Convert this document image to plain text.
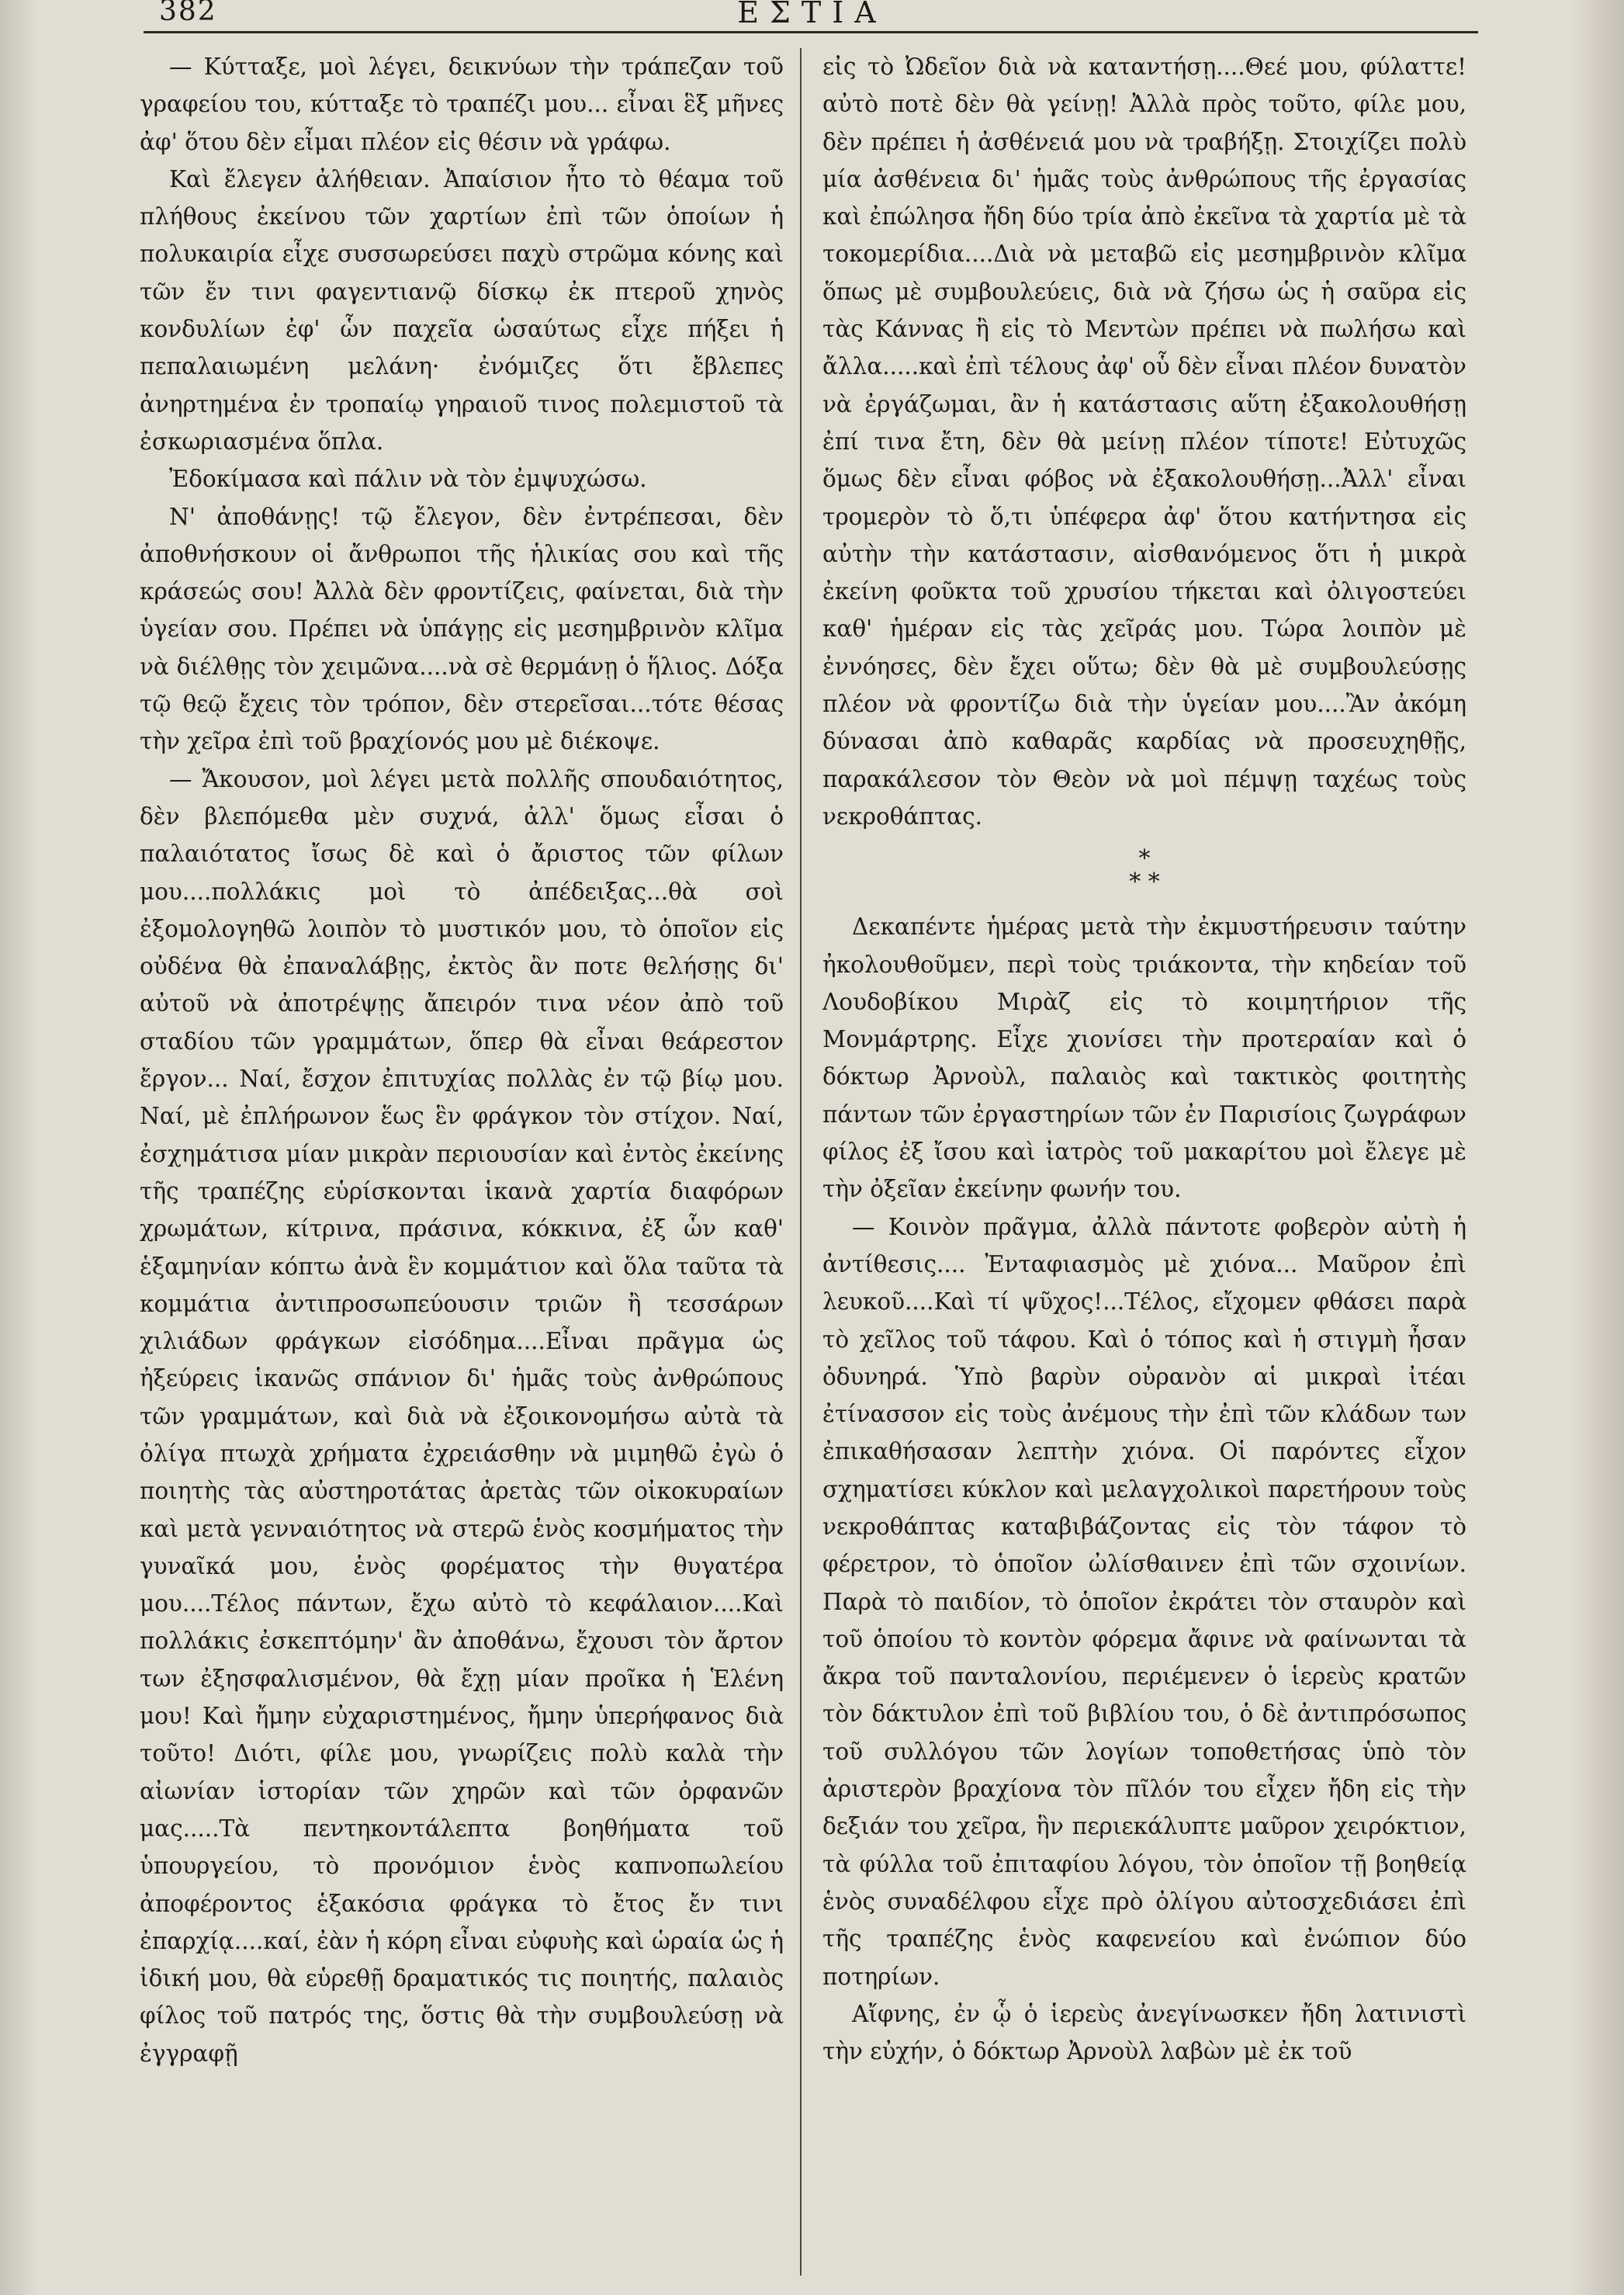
382	ΕΣΤΙΑ

— Κύτταξε, μοὶ λέγει, δεικνύων τὴν τράπεζαν τοῦ γραφείου του, κύτταξε τὸ τραπέζι μου... εἶναι ἓξ μῆνες ἀφ' ὅτου δὲν εἶμαι πλέον εἰς θέσιν νὰ γράφω.

Καὶ ἔλεγεν ἀλήθειαν. Ἀπαίσιον ἦτο τὸ θέαμα τοῦ πλήθους ἐκείνου τῶν χαρτίων ἐπὶ τῶν ὁποίων ἡ πολυκαιρία εἶχε συσσωρεύσει παχὺ στρῶμα κόνης καὶ τῶν ἔν τινι φαγεντιανῷ δίσκῳ ἐκ πτεροῦ χηνὸς κονδυλίων ἐφ' ὧν παχεῖα ὡσαύτως εἶχε πήξει ἡ πεπαλαιωμένη μελάνη· ἐνόμιζες ὅτι ἔβλεπες ἀνηρτημένα ἐν τροπαίῳ γηραιοῦ τινος πολεμιστοῦ τὰ ἐσκωριασμένα ὅπλα.

Ἐδοκίμασα καὶ πάλιν νὰ τὸν ἐμψυχώσω.

Ν' ἀποθάνῃς! τῷ ἔλεγον, δὲν ἐντρέπεσαι, δὲν ἀποθνήσκουν οἱ ἄνθρωποι τῆς ἡλικίας σου καὶ τῆς κράσεώς σου! Ἀλλὰ δὲν φροντίζεις, φαίνεται, διὰ τὴν ὑγείαν σου. Πρέπει νὰ ὑπάγῃς εἰς μεσημβρινὸν κλῖμα νὰ διέλθῃς τὸν χειμῶνα....νὰ σὲ θερμάνῃ ὁ ἥλιος. Δόξα τῷ θεῷ ἔχεις τὸν τρόπον, δὲν στερεῖσαι...τότε θέσας τὴν χεῖρα ἐπὶ τοῦ βραχίονός μου μὲ διέκοψε.

— Ἄκουσον, μοὶ λέγει μετὰ πολλῆς σπουδαιότητος, δὲν βλεπόμεθα μὲν συχνά, ἀλλ' ὅμως εἶσαι ὁ παλαιότατος ἴσως δὲ καὶ ὁ ἄριστος τῶν φίλων μου....πολλάκις μοὶ τὸ ἀπέδειξας...θὰ σοὶ ἐξομολογηθῶ λοιπὸν τὸ μυστικόν μου, τὸ ὁποῖον εἰς οὐδένα θὰ ἐπαναλάβῃς, ἐκτὸς ἂν ποτε θελήσῃς δι' αὐτοῦ νὰ ἀποτρέψῃς ἄπειρόν τινα νέον ἀπὸ τοῦ σταδίου τῶν γραμμάτων, ὅπερ θὰ εἶναι θεάρεστον ἔργον... Ναί, ἔσχον ἐπιτυχίας πολλὰς ἐν τῷ βίῳ μου. Ναί, μὲ ἐπλήρωνον ἕως ἓν φράγκον τὸν στίχον. Ναί, ἐσχημάτισα μίαν μικρὰν περιουσίαν καὶ ἐντὸς ἐκείνης τῆς τραπέζης εὑρίσκονται ἱκανὰ χαρτία διαφόρων χρωμάτων, κίτρινα, πράσινα, κόκκινα, ἐξ ὧν καθ' ἑξαμηνίαν κόπτω ἀνὰ ἓν κομμάτιον καὶ ὅλα ταῦτα τὰ κομμάτια ἀντιπροσωπεύουσιν τριῶν ἢ τεσσάρων χιλιάδων φράγκων εἰσόδημα....Εἶναι πρᾶγμα ὡς ἠξεύρεις ἱκανῶς σπάνιον δι' ἡμᾶς τοὺς ἀνθρώπους τῶν γραμμάτων, καὶ διὰ νὰ ἐξοικονομήσω αὐτὰ τὰ ὀλίγα πτωχὰ χρήματα ἐχρειάσθην νὰ μιμηθῶ ἐγὼ ὁ ποιητὴς τὰς αὐστηροτάτας ἀρετὰς τῶν οἰκοκυραίων καὶ μετὰ γενναιότητος νὰ στερῶ ἑνὸς κοσμήματος τὴν γυναῖκά μου, ἑνὸς φορέματος τὴν θυγατέρα μου....Τέλος πάντων, ἔχω αὐτὸ τὸ κεφάλαιον....Καὶ πολλάκις ἐσκεπτόμην' ἂν ἀποθάνω, ἔχουσι τὸν ἄρτον των ἐξησφαλισμένον, θὰ ἔχῃ μίαν προῖκα ἡ Ἑλένη μου! Καὶ ἤμην εὐχαριστημένος, ἤμην ὑπερήφανος διὰ τοῦτο! Διότι, φίλε μου, γνωρίζεις πολὺ καλὰ τὴν αἰωνίαν ἱστορίαν τῶν χηρῶν καὶ τῶν ὀρφανῶν μας.....Τὰ πεντηκοντάλεπτα βοηθήματα τοῦ ὑπουργείου, τὸ προνόμιον ἑνὸς καπνοπωλείου ἀποφέροντος ἑξακόσια φράγκα τὸ ἔτος ἔν τινι ἐπαρχίᾳ....καί, ἐὰν ἡ κόρη εἶναι εὐφυὴς καὶ ὡραία ὡς ἡ ἰδική μου, θὰ εὑρεθῇ δραματικός τις ποιητής, παλαιὸς φίλος τοῦ πατρός της, ὅστις θὰ τὴν συμβουλεύσῃ νὰ ἐγγραφῇ

εἰς τὸ Ὠδεῖον διὰ νὰ καταντήσῃ....Θεέ μου, φύλαττε! αὐτὸ ποτὲ δὲν θὰ γείνῃ! Ἀλλὰ πρὸς τοῦτο, φίλε μου, δὲν πρέπει ἡ ἀσθένειά μου νὰ τραβήξῃ. Στοιχίζει πολὺ μία ἀσθένεια δι' ἡμᾶς τοὺς ἀνθρώπους τῆς ἐργασίας καὶ ἐπώλησα ἤδη δύο τρία ἀπὸ ἐκεῖνα τὰ χαρτία μὲ τὰ τοκομερίδια....Διὰ νὰ μεταβῶ εἰς μεσημβρινὸν κλῖμα ὅπως μὲ συμβουλεύεις, διὰ νὰ ζήσω ὡς ἡ σαῦρα εἰς τὰς Κάννας ἢ εἰς τὸ Μεντὼν πρέπει νὰ πωλήσω καὶ ἄλλα.....καὶ ἐπὶ τέλους ἀφ' οὗ δὲν εἶναι πλέον δυνατὸν νὰ ἐργάζωμαι, ἂν ἡ κατάστασις αὕτη ἐξακολουθήσῃ ἐπί τινα ἔτη, δὲν θὰ μείνῃ πλέον τίποτε! Εὐτυχῶς ὅμως δὲν εἶναι φόβος νὰ ἐξακολουθήσῃ...Ἀλλ' εἶναι τρομερὸν τὸ ὅ,τι ὑπέφερα ἀφ' ὅτου κατήντησα εἰς αὐτὴν τὴν κατάστασιν, αἰσθανόμενος ὅτι ἡ μικρὰ ἐκείνη φοῦκτα τοῦ χρυσίου τήκεται καὶ ὀλιγοστεύει καθ' ἡμέραν εἰς τὰς χεῖράς μου. Τώρα λοιπὸν μὲ ἐννόησες, δὲν ἔχει οὕτω; δὲν θὰ μὲ συμβουλεύσῃς πλέον νὰ φροντίζω διὰ τὴν ὑγείαν μου....Ἂν ἀκόμη δύνασαι ἀπὸ καθαρᾶς καρδίας νὰ προσευχηθῇς, παρακάλεσον τὸν Θεὸν νὰ μοὶ πέμψῃ ταχέως τοὺς νεκροθάπτας.

*
* *

Δεκαπέντε ἡμέρας μετὰ τὴν ἐκμυστήρευσιν ταύτην ἠκολουθοῦμεν, περὶ τοὺς τριάκοντα, τὴν κηδείαν τοῦ Λουδοβίκου Μιρὰζ εἰς τὸ κοιμητήριον τῆς Μονμάρτρης. Εἶχε χιονίσει τὴν προτεραίαν καὶ ὁ δόκτωρ Ἀρνοὺλ, παλαιὸς καὶ τακτικὸς φοιτητὴς πάντων τῶν ἐργαστηρίων τῶν ἐν Παρισίοις ζωγράφων φίλος ἐξ ἴσου καὶ ἰατρὸς τοῦ μακαρίτου μοὶ ἔλεγε μὲ τὴν ὀξεῖαν ἐκείνην φωνήν του.

— Κοινὸν πρᾶγμα, ἀλλὰ πάντοτε φοβερὸν αὐτὴ ἡ ἀντίθεσις.... Ἐνταφιασμὸς μὲ χιόνα... Μαῦρον ἐπὶ λευκοῦ....Καὶ τί ψῦχος!...Τέλος, εἴχομεν φθάσει παρὰ τὸ χεῖλος τοῦ τάφου. Καὶ ὁ τόπος καὶ ἡ στιγμὴ ἦσαν ὀδυνηρά. Ὑπὸ βαρὺν οὐρανὸν αἱ μικραὶ ἰτέαι ἐτίνασσον εἰς τοὺς ἀνέμους τὴν ἐπὶ τῶν κλάδων των ἐπικαθήσασαν λεπτὴν χιόνα. Οἱ παρόντες εἶχον σχηματίσει κύκλον καὶ μελαγχολικοὶ παρετήρουν τοὺς νεκροθάπτας καταβιβάζοντας εἰς τὸν τάφον τὸ φέρετρον, τὸ ὁποῖον ὠλίσθαινεν ἐπὶ τῶν σχοινίων. Παρὰ τὸ παιδίον, τὸ ὁποῖον ἐκράτει τὸν σταυρὸν καὶ τοῦ ὁποίου τὸ κοντὸν φόρεμα ἄφινε νὰ φαίνωνται τὰ ἄκρα τοῦ πανταλονίου, περιέμενεν ὁ ἱερεὺς κρατῶν τὸν δάκτυλον ἐπὶ τοῦ βιβλίου του, ὁ δὲ ἀντιπρόσωπος τοῦ συλλόγου τῶν λογίων τοποθετήσας ὑπὸ τὸν ἀριστερὸν βραχίονα τὸν πῖλόν του εἶχεν ἤδη εἰς τὴν δεξιάν του χεῖρα, ἣν περιεκάλυπτε μαῦρον χειρόκτιον, τὰ φύλλα τοῦ ἐπιταφίου λόγου, τὸν ὁποῖον τῇ βοηθείᾳ ἑνὸς συναδέλφου εἶχε πρὸ ὀλίγου αὐτοσχεδιάσει ἐπὶ τῆς τραπέζης ἑνὸς καφενείου καὶ ἐνώπιον δύο ποτηρίων.

Αἴφνης, ἐν ᾧ ὁ ἱερεὺς ἀνεγίνωσκεν ἤδη λατινιστὶ τὴν εὐχήν, ὁ δόκτωρ Ἀρνοὺλ λαβὼν μὲ ἐκ τοῦ
